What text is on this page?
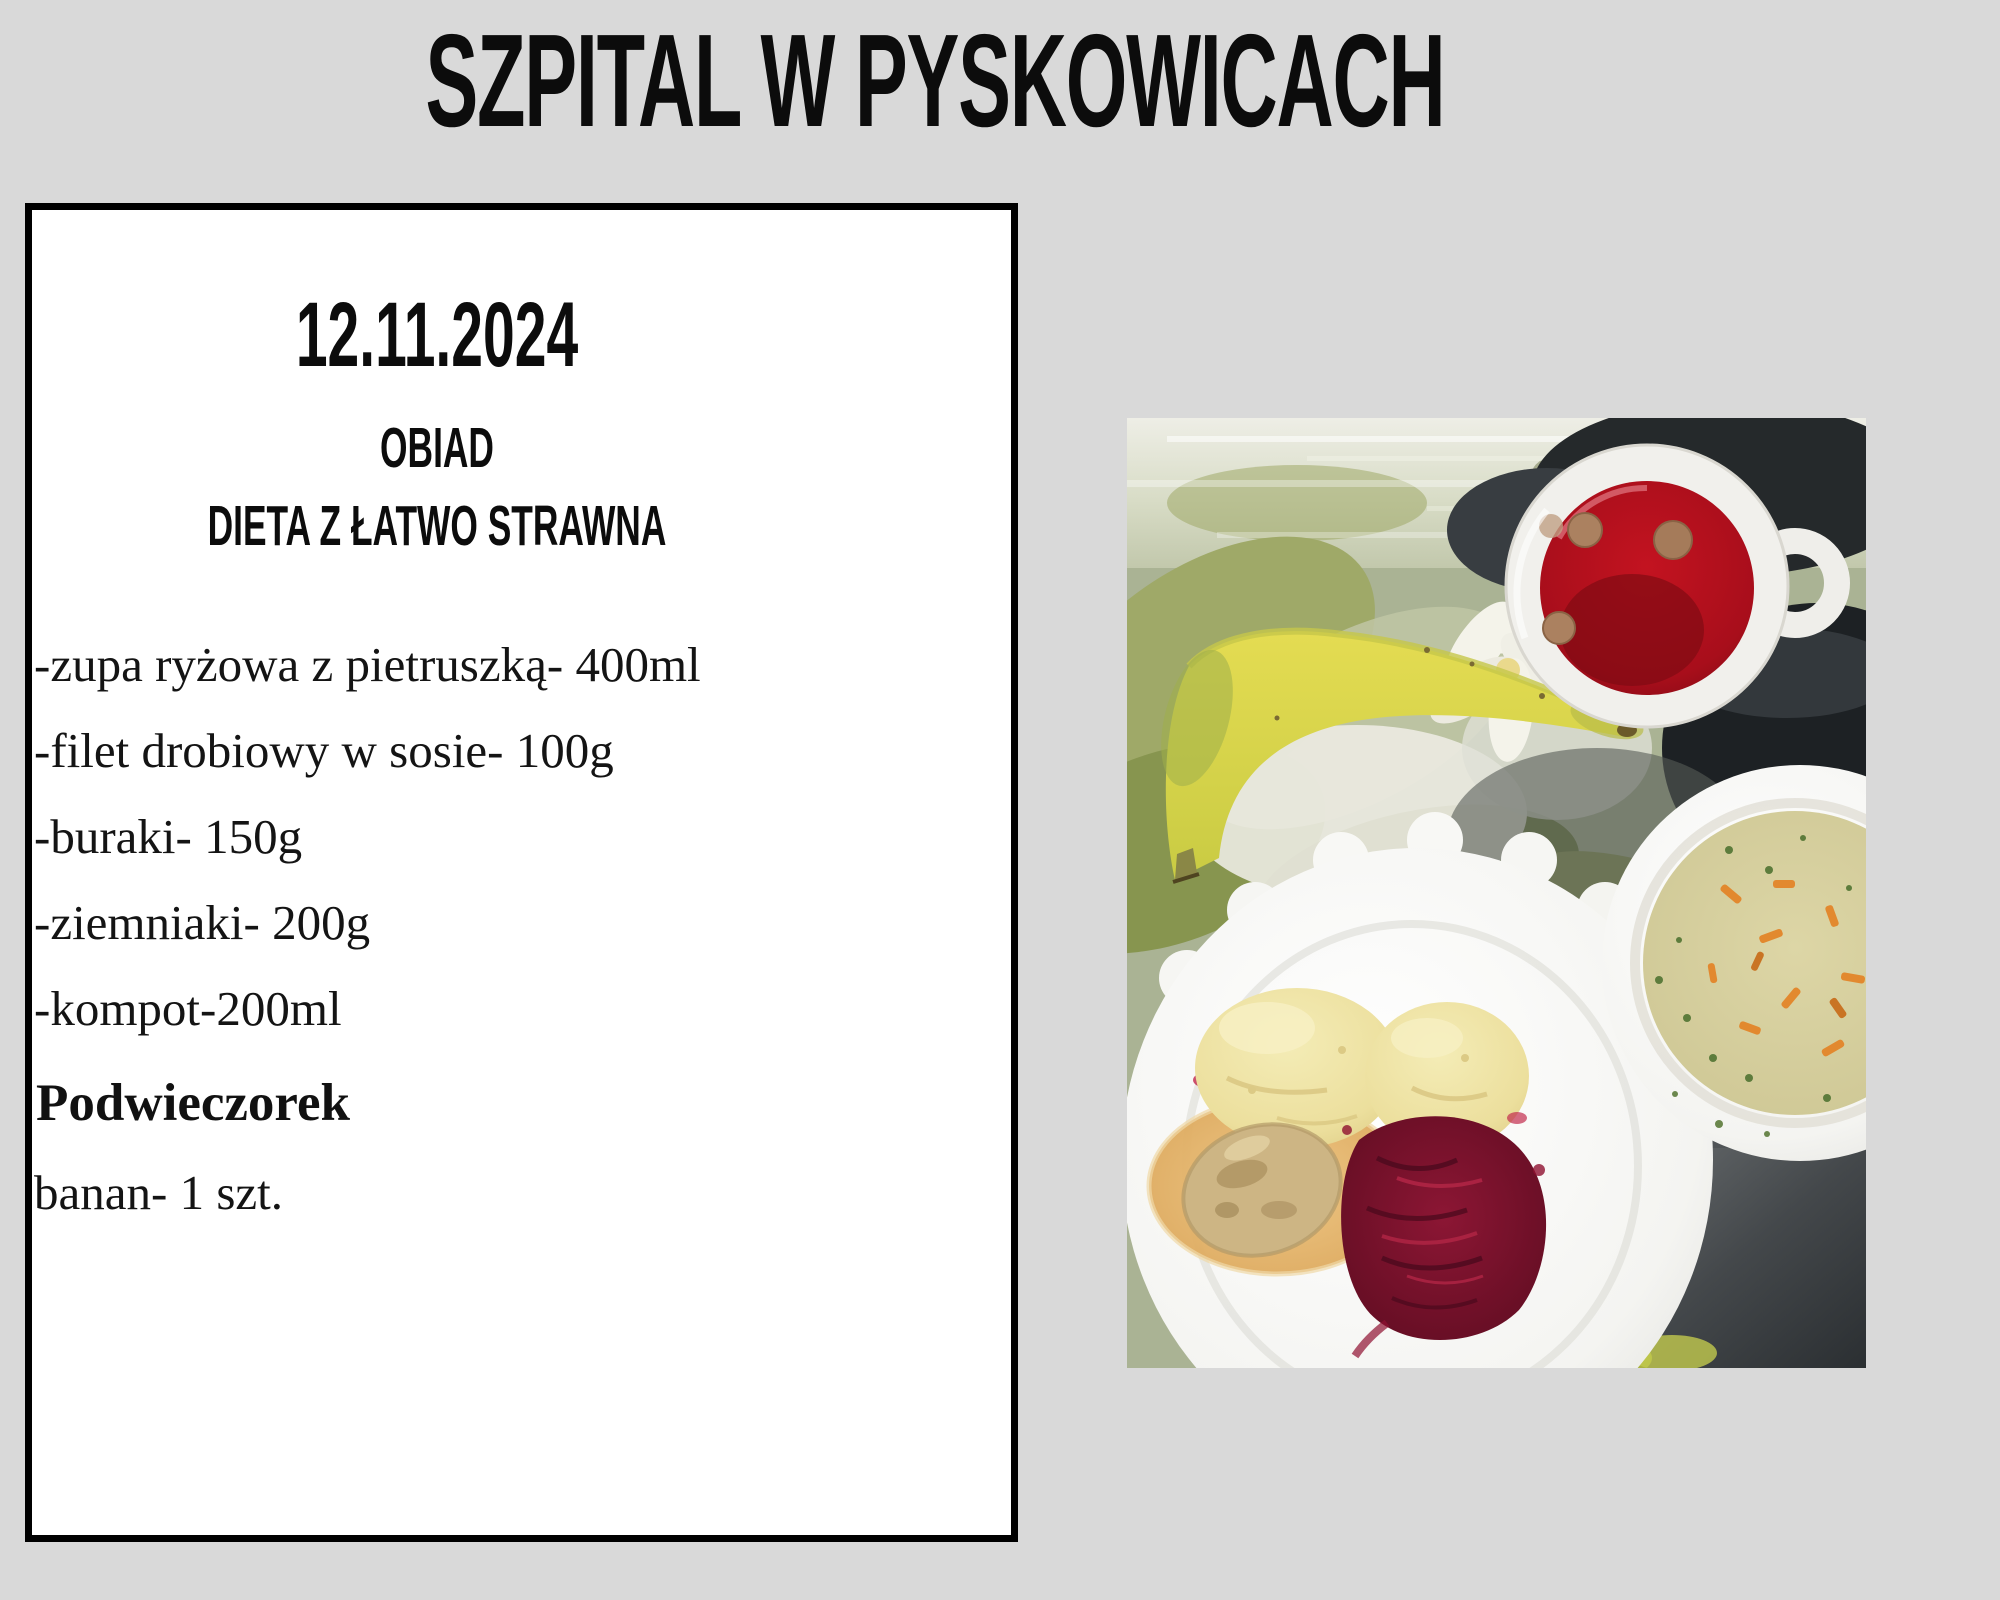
SZPITAL W PYSKOWICACH
12.11.2024
OBIAD
DIETA Z ŁATWO STRAWNA
-zupa ryżowa z pietruszką- 400ml
-filet drobiowy w sosie- 100g
-buraki- 150g
-ziemniaki- 200g
-kompot-200ml
Podwieczorek
banan- 1 szt.
